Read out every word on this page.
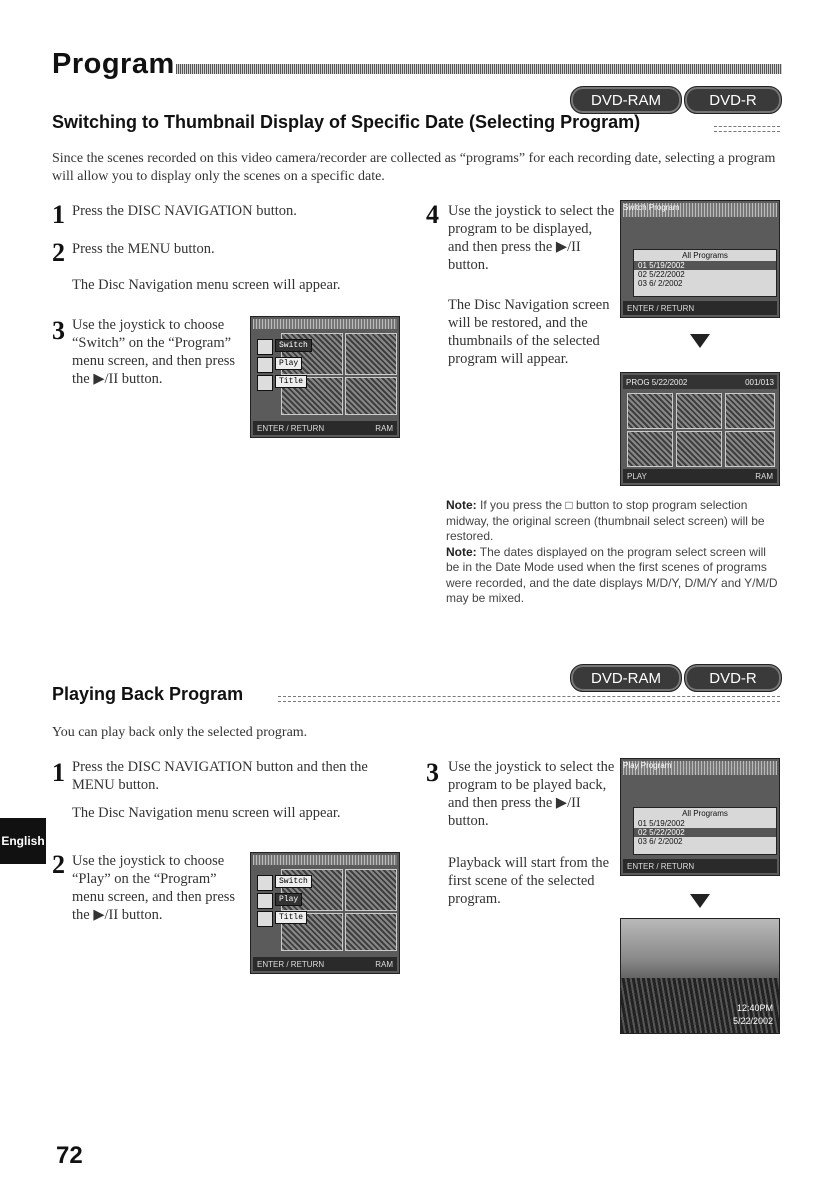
Program
DVD-RAM	DVD-R
Switching to Thumbnail Display of Specific Date (Selecting Program)
Since the scenes recorded on this video camera/recorder are collected as “programs” for each recording date, selecting a program will allow you to display only the scenes on a specific date.
1 Press the DISC NAVIGATION button.
2 Press the MENU button.
The Disc Navigation menu screen will appear.
3 Use the joystick to choose “Switch” on the “Program” menu screen, and then press the ▶/II button.
Switch
Play
Title
ENTER / RETURN	RAM
4 Use the joystick to select the program to be displayed, and then press the ▶/II button.
The Disc Navigation screen will be restored, and the thumbnails of the selected program will appear.
Switch Program
All Programs
01 5/19/2002
02 5/22/2002
03 6/ 2/2002
ENTER / RETURN
PROG 5/22/2002	001/013
PLAY	RAM
Note: If you press the □ button to stop program selection midway, the original screen (thumbnail select screen) will be restored.
Note: The dates displayed on the program select screen will be in the Date Mode used when the first scenes of programs were recorded, and the date displays M/D/Y, D/M/Y and Y/M/D may be mixed.
DVD-RAM	DVD-R
Playing Back Program
You can play back only the selected program.
1 Press the DISC NAVIGATION button and then the MENU button.
The Disc Navigation menu screen will appear.
2 Use the joystick to choose “Play” on the “Program” menu screen, and then press the ▶/II button.
Switch
Play
Title
ENTER / RETURN	RAM
3 Use the joystick to select the program to be played back, and then press the ▶/II button.
Playback will start from the first scene of the selected program.
Play Program
All Programs
01 5/19/2002
02 5/22/2002
03 6/ 2/2002
ENTER / RETURN
12:40PM
5/22/2002
English
72
